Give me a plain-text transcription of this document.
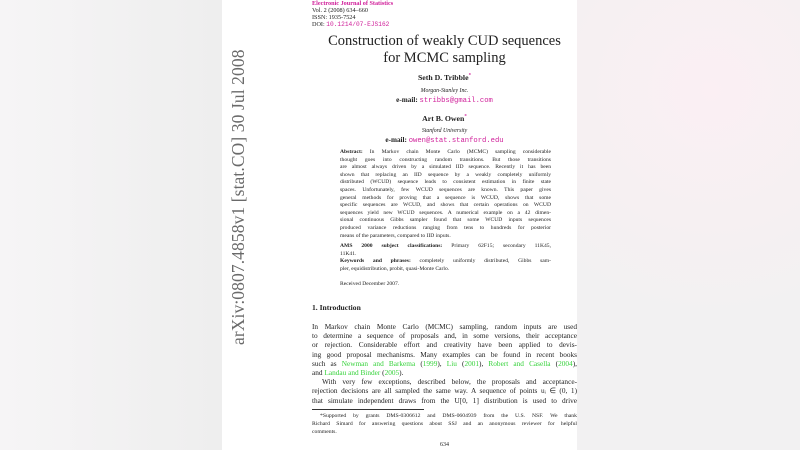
arXiv:0807.4858v1 [stat.CO] 30 Jul 2008
Electronic Journal of Statistics
Vol. 2 (2008) 634–660
ISSN: 1935-7524
DOI: 10.1214/07-EJS162
Construction of weakly CUD sequences
for MCMC sampling
Seth D. Tribble*
Morgan-Stanley Inc.
e-mail: stribbs@gmail.com
Art B. Owen*
Stanford University
e-mail: owen@stat.stanford.edu
Abstract: In Markov chain Monte Carlo (MCMC) sampling considerable
thought goes into constructing random transitions. But those transitions
are almost always driven by a simulated IID sequence. Recently it has been
shown that replacing an IID sequence by a weakly completely uniformly
distributed (WCUD) sequence leads to consistent estimation in finite state
spaces. Unfortunately, few WCUD sequences are known. This paper gives
general methods for proving that a sequence is WCUD, shows that some
specific sequences are WCUD, and shows that certain operations on WCUD
sequences yield new WCUD sequences. A numerical example on a 42 dimen-
sional continuous Gibbs sampler found that some WCUD inputs sequences
produced variance reductions ranging from tens to hundreds for posterior
means of the parameters, compared to IID inputs.
AMS 2000 subject classifications: Primary 62F15; secondary 11K45,
11K41.
Keywords and phrases: completely uniformly distributed, Gibbs sam-
pler, equidistribution, probit, quasi-Monte Carlo.
Received December 2007.
1. Introduction
In Markov chain Monte Carlo (MCMC) sampling, random inputs are used
to determine a sequence of proposals and, in some versions, their acceptance
or rejection. Considerable effort and creativity have been applied to devis-
ing good proposal mechanisms. Many examples can be found in recent books
such as Newman and Barkema (1999), Liu (2001), Robert and Casella (2004),
and Landau and Binder (2005).
With very few exceptions, described below, the proposals and acceptance-
rejection decisions are all sampled the same way. A sequence of points uᵢ ∈ (0, 1)
that simulate independent draws from the U[0, 1] distribution is used to drive
*Supported by grants DMS-0306612 and DMS-0604939 from the U.S. NSF. We thank
Richard Simard for answering questions about SSJ and an anonymous reviewer for helpful
comments.
634
